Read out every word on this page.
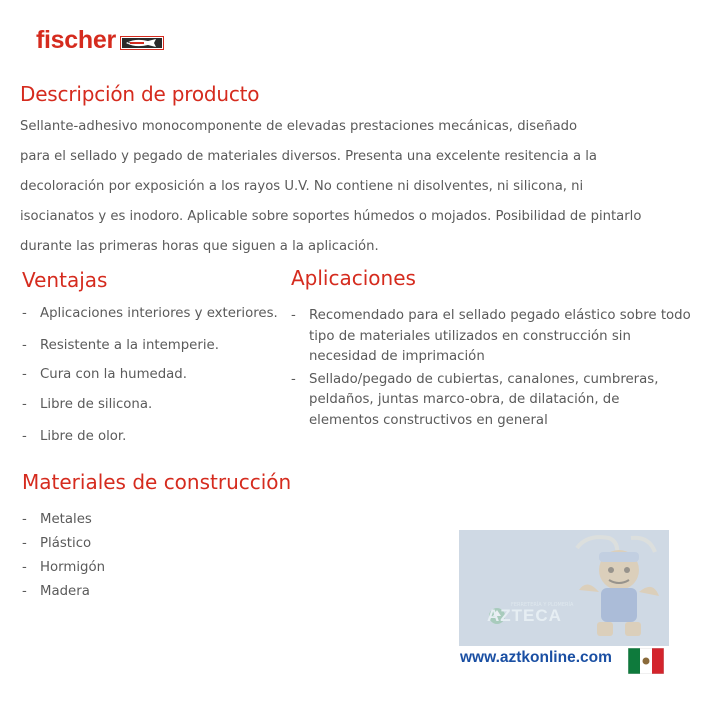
fischer
Descripción de producto
Sellante-adhesivo monocomponente de elevadas prestaciones mecánicas, diseñado
para el sellado y pegado de materiales diversos. Presenta una excelente resitencia a la
decoloración por exposición a los rayos U.V. No contiene ni disolventes, ni silicona, ni
isocianatos y es inodoro. Aplicable sobre soportes húmedos o mojados. Posibilidad de pintarlo
durante las primeras horas que siguen a la aplicación.
Ventajas
- Aplicaciones interiores y exteriores.
- Resistente a la intemperie.
- Cura con la humedad.
- Libre de silicona.
- Libre de olor.
Aplicaciones
- Recomendado para el sellado pegado elástico sobre todo tipo de materiales utilizados en construcción sin necesidad de imprimación
- Sellado/pegado de cubiertas, canalones, cumbreras, peldaños, juntas marco-obra, de dilatación, de elementos constructivos en general
Materiales de construcción
- Metales
- Plástico
- Hormigón
- Madera
FERRETERÍA Y PLOMERÍA
AZTECA
www.aztkonline.com
